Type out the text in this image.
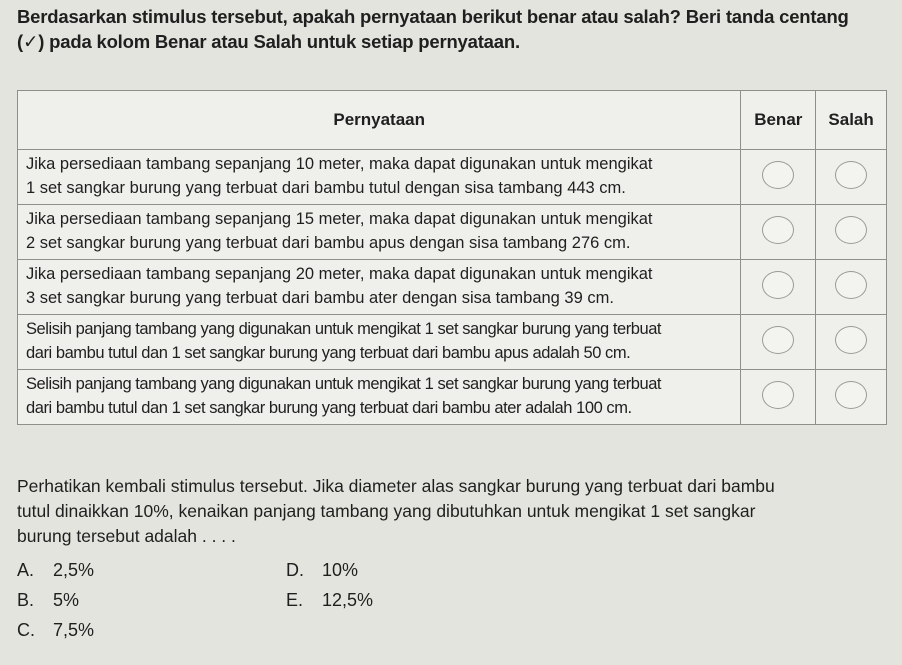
Berdasarkan stimulus tersebut, apakah pernyataan berikut benar atau salah? Beri tanda centang

(✓) pada kolom Benar atau Salah untuk setiap pernyataan.

Pernyataan	Benar	Salah

Jika persediaan tambang sepanjang 10 meter, maka dapat digunakan untuk mengikat
1 set sangkar burung yang terbuat dari bambu tutul dengan sisa tambang 443 cm.		

Jika persediaan tambang sepanjang 15 meter, maka dapat digunakan untuk mengikat
2 set sangkar burung yang terbuat dari bambu apus dengan sisa tambang 276 cm.		

Jika persediaan tambang sepanjang 20 meter, maka dapat digunakan untuk mengikat
3 set sangkar burung yang terbuat dari bambu ater dengan sisa tambang 39 cm.		

Selisih panjang tambang yang digunakan untuk mengikat 1 set sangkar burung yang terbuat
dari bambu tutul dan 1 set sangkar burung yang terbuat dari bambu apus adalah 50 cm.		

Selisih panjang tambang yang digunakan untuk mengikat 1 set sangkar burung yang terbuat
dari bambu tutul dan 1 set sangkar burung yang terbuat dari bambu ater adalah 100 cm.		

Perhatikan kembali stimulus tersebut. Jika diameter alas sangkar burung yang terbuat dari bambu

tutul dinaikkan 10%, kenaikan panjang tambang yang dibutuhkan untuk mengikat 1 set sangkar

burung tersebut adalah . . . .

A. 2,5%
B. 5%
C. 7,5%
D. 10%
E. 12,5%
